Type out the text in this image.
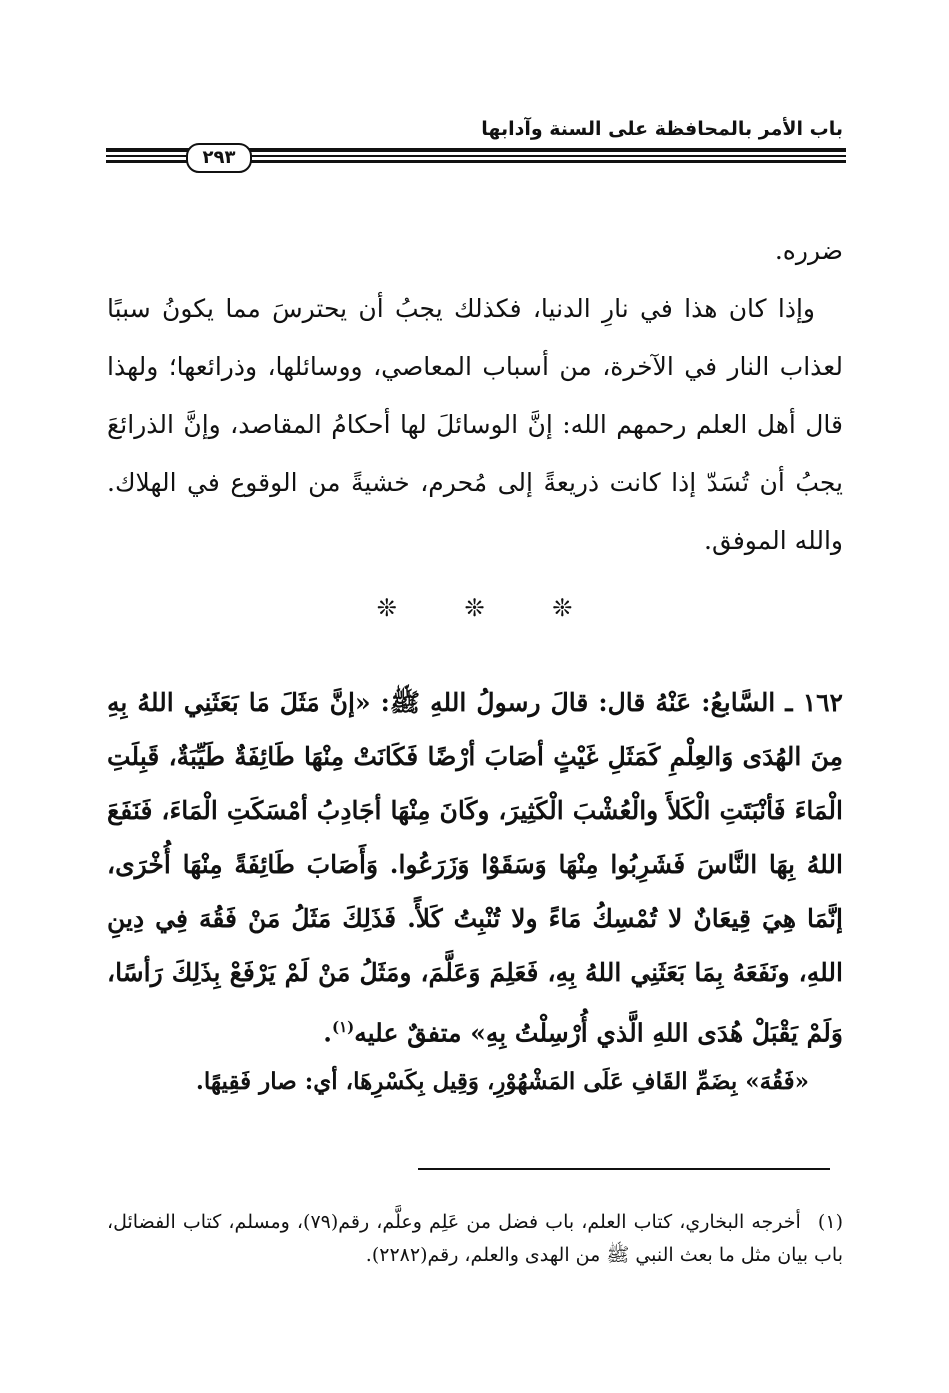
باب الأمر بالمحافظة على السنة وآدابها
٢٩٣

ضرره.

وإذا كان هذا في نارِ الدنيا، فكذلك يجبُ أن يحترسَ مما يكونُ سببًا لعذاب النار في الآخرة، من أسباب المعاصي، ووسائلها، وذرائعها؛ ولهذا قال أهل العلم رحمهم الله: إنَّ الوسائلَ لها أحكامُ المقاصد، وإنَّ الذرائعَ يجبُ أن تُسَدّ إذا كانت ذريعةً إلى مُحرم، خشيةً من الوقوع في الهلاك. والله الموفق.

❊	❊	❊
١٦٢ ـ السَّابعُ: عَنْهُ قال: قالَ رسولُ اللهِ ﷺ: «إنَّ مَثَلَ مَا بَعَثَنِي اللهُ بِهِ مِنَ الهُدَى وَالعِلْمِ كَمَثَلِ غَيْثٍ أصَابَ أرْضًا فَكَانَتْ مِنْهَا طَائِفَةٌ طَيِّبَةٌ، قَبِلَتِ الْمَاءَ فَأنْبَتَتِ الْكَلأَ والْعُشْبَ الْكَثِيرَ، وكَانَ مِنْهَا أجَادِبُ أمْسَكَتِ الْمَاءَ، فَنَفَعَ اللهُ بِهَا النَّاسَ فَشَرِبُوا مِنْهَا وَسَقَوْا وَزَرَعُوا. وَأَصَابَ طَائِفَةً مِنْهَا أُخْرَى، إنَّمَا هِيَ قِيعَانٌ لا تُمْسِكُ مَاءً ولا تُنْبِتُ كَلأً. فَذَلِكَ مَثَلُ مَنْ فَقُهَ فِي دِينِ اللهِ، ونَفَعَهُ بِمَا بَعَثَنِي اللهُ بِهِ، فَعَلِمَ وَعَلَّمَ، ومَثَلُ مَنْ لَمْ يَرْفَعْ بِذَلِكَ رَأسًا، وَلَمْ يَقْبَلْ هُدَى اللهِ الَّذي أُرْسِلْتُ بِهِ» متفقٌ عليه$^{(١)}$.
«فَقُهَ» بِضَمِّ القَافِ عَلَى المَشْهُوْرِ، وَقِيل بِكَسْرِهَا، أي: صار فَقِيهًا.
(١) أخرجه البخاري، كتاب العلم، باب فضل من عَلِم وعلَّم، رقم(٧٩)، ومسلم، كتاب الفضائل، باب بيان مثل ما بعث النبي ﷺ من الهدى والعلم، رقم(٢٢٨٢).
